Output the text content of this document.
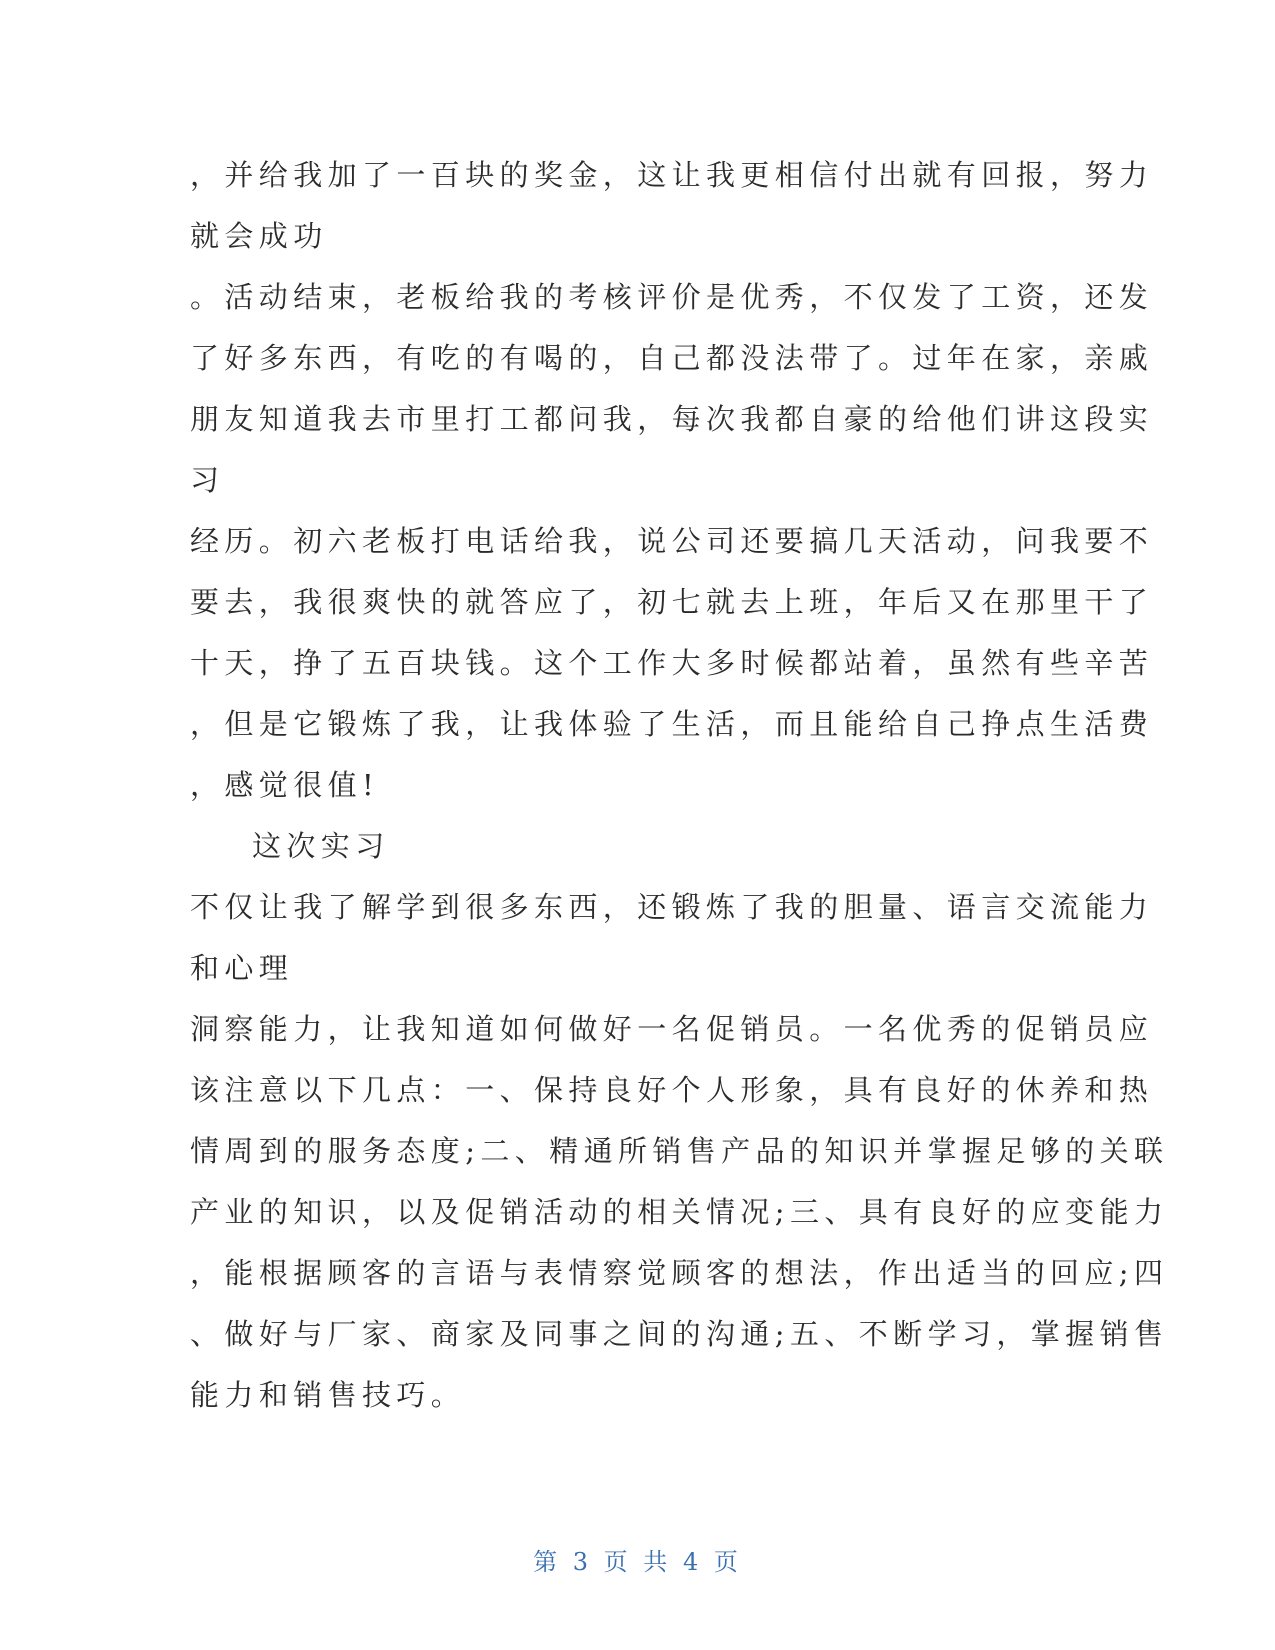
，并给我加了一百块的奖金，这让我更相信付出就有回报，努力
就会成功
。活动结束，老板给我的考核评价是优秀，不仅发了工资，还发
了好多东西，有吃的有喝的，自己都没法带了。过年在家，亲戚
朋友知道我去市里打工都问我，每次我都自豪的给他们讲这段实
习
经历。初六老板打电话给我，说公司还要搞几天活动，问我要不
要去，我很爽快的就答应了，初七就去上班，年后又在那里干了
十天，挣了五百块钱。这个工作大多时候都站着，虽然有些辛苦
，但是它锻炼了我，让我体验了生活，而且能给自己挣点生活费
，感觉很值!
这次实习
不仅让我了解学到很多东西，还锻炼了我的胆量、语言交流能力
和心理
洞察能力，让我知道如何做好一名促销员。一名优秀的促销员应
该注意以下几点：一、保持良好个人形象，具有良好的休养和热
情周到的服务态度;二、精通所销售产品的知识并掌握足够的关联
产业的知识，以及促销活动的相关情况;三、具有良好的应变能力
，能根据顾客的言语与表情察觉顾客的想法，作出适当的回应;四
、做好与厂家、商家及同事之间的沟通;五、不断学习，掌握销售
能力和销售技巧。
第 3 页 共 4 页
